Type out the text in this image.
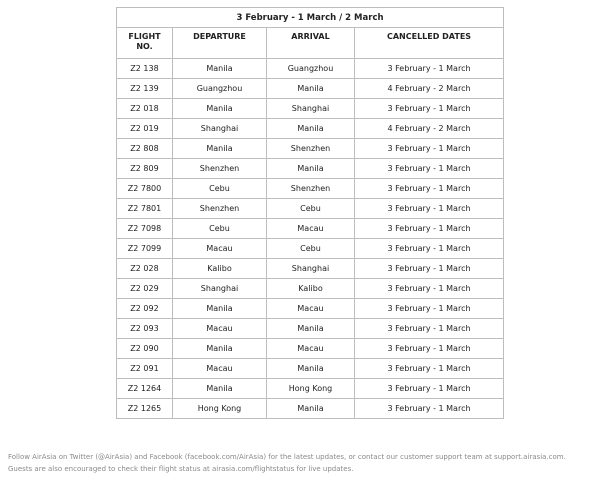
3 February - 1 March / 2 March			
FLIGHT
NO.	DEPARTURE	ARRIVAL	CANCELLED DATES
Z2 138	Manila	Guangzhou	3 February - 1 March
Z2 139	Guangzhou	Manila	4 February - 2 March
Z2 018	Manila	Shanghai	3 February - 1 March
Z2 019	Shanghai	Manila	4 February - 2 March
Z2 808	Manila	Shenzhen	3 February - 1 March
Z2 809	Shenzhen	Manila	3 February - 1 March
Z2 7800	Cebu	Shenzhen	3 February - 1 March
Z2 7801	Shenzhen	Cebu	3 February - 1 March
Z2 7098	Cebu	Macau	3 February - 1 March
Z2 7099	Macau	Cebu	3 February - 1 March
Z2 028	Kalibo	Shanghai	3 February - 1 March
Z2 029	Shanghai	Kalibo	3 February - 1 March
Z2 092	Manila	Macau	3 February - 1 March
Z2 093	Macau	Manila	3 February - 1 March
Z2 090	Manila	Macau	3 February - 1 March
Z2 091	Macau	Manila	3 February - 1 March
Z2 1264	Manila	Hong Kong	3 February - 1 March
Z2 1265	Hong Kong	Manila	3 February - 1 March
Follow AirAsia on Twitter (@AirAsia) and Facebook (facebook.com/AirAsia) for the latest updates, or contact our customer support team at support.airasia.com. Guests are also encouraged to check their flight status at airasia.com/flightstatus for live updates.
